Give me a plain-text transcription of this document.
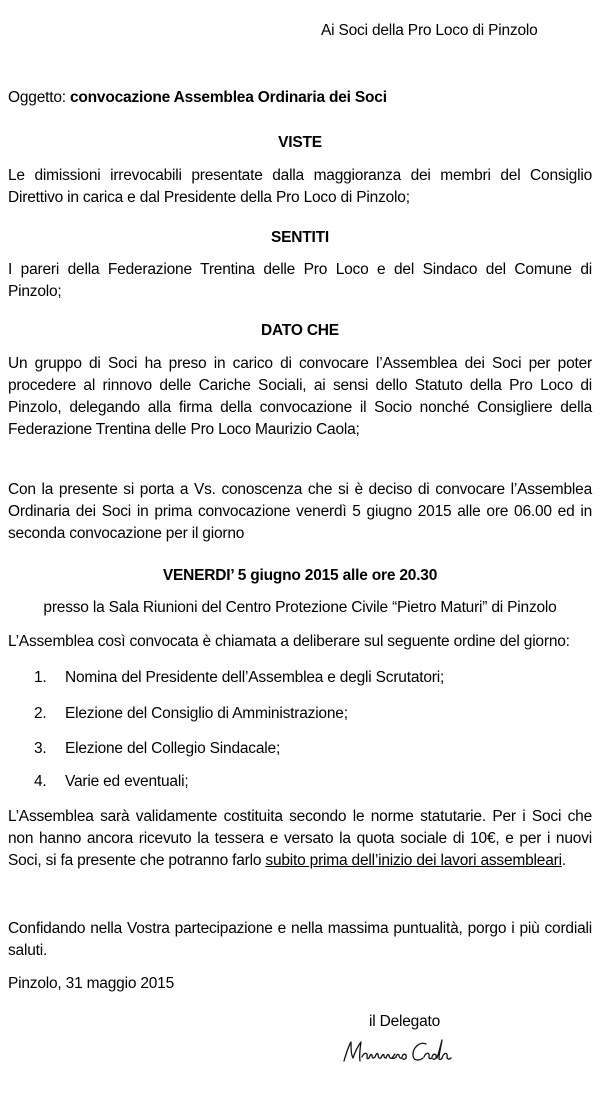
Ai Soci della Pro Loco di Pinzolo
Oggetto: convocazione Assemblea Ordinaria dei Soci
VISTE
Le dimissioni irrevocabili presentate dalla maggioranza dei membri del Consiglio Direttivo in carica e dal Presidente della Pro Loco di Pinzolo;
SENTITI
I pareri della Federazione Trentina delle Pro Loco e del Sindaco del Comune di Pinzolo;
DATO CHE
Un gruppo di Soci ha preso in carico di convocare l’Assemblea dei Soci per poter procedere al rinnovo delle Cariche Sociali, ai sensi dello Statuto della Pro Loco di Pinzolo, delegando alla firma della convocazione il Socio nonché Consigliere della Federazione Trentina delle Pro Loco Maurizio Caola;
Con la presente si porta a Vs. conoscenza che si è deciso di convocare l’Assemblea Ordinaria dei Soci in prima convocazione venerdì 5 giugno 2015 alle ore 06.00 ed in seconda convocazione per il giorno
VENERDI’ 5 giugno 2015 alle ore 20.30
presso la Sala Riunioni del Centro Protezione Civile “Pietro Maturi” di Pinzolo
L’Assemblea così convocata è chiamata a deliberare sul seguente ordine del giorno:
1. Nomina del Presidente dell’Assemblea e degli Scrutatori;
2. Elezione del Consiglio di Amministrazione;
3. Elezione del Collegio Sindacale;
4. Varie ed eventuali;
L’Assemblea sarà validamente costituita secondo le norme statutarie. Per i Soci che non hanno ancora ricevuto la tessera e versato la quota sociale di 10€, e per i nuovi Soci, si fa presente che potranno farlo subito prima dell’inizio dei lavori assembleari.
Confidando nella Vostra partecipazione e nella massima puntualità, porgo i più cordiali saluti.
Pinzolo, 31 maggio 2015
il Delegato
